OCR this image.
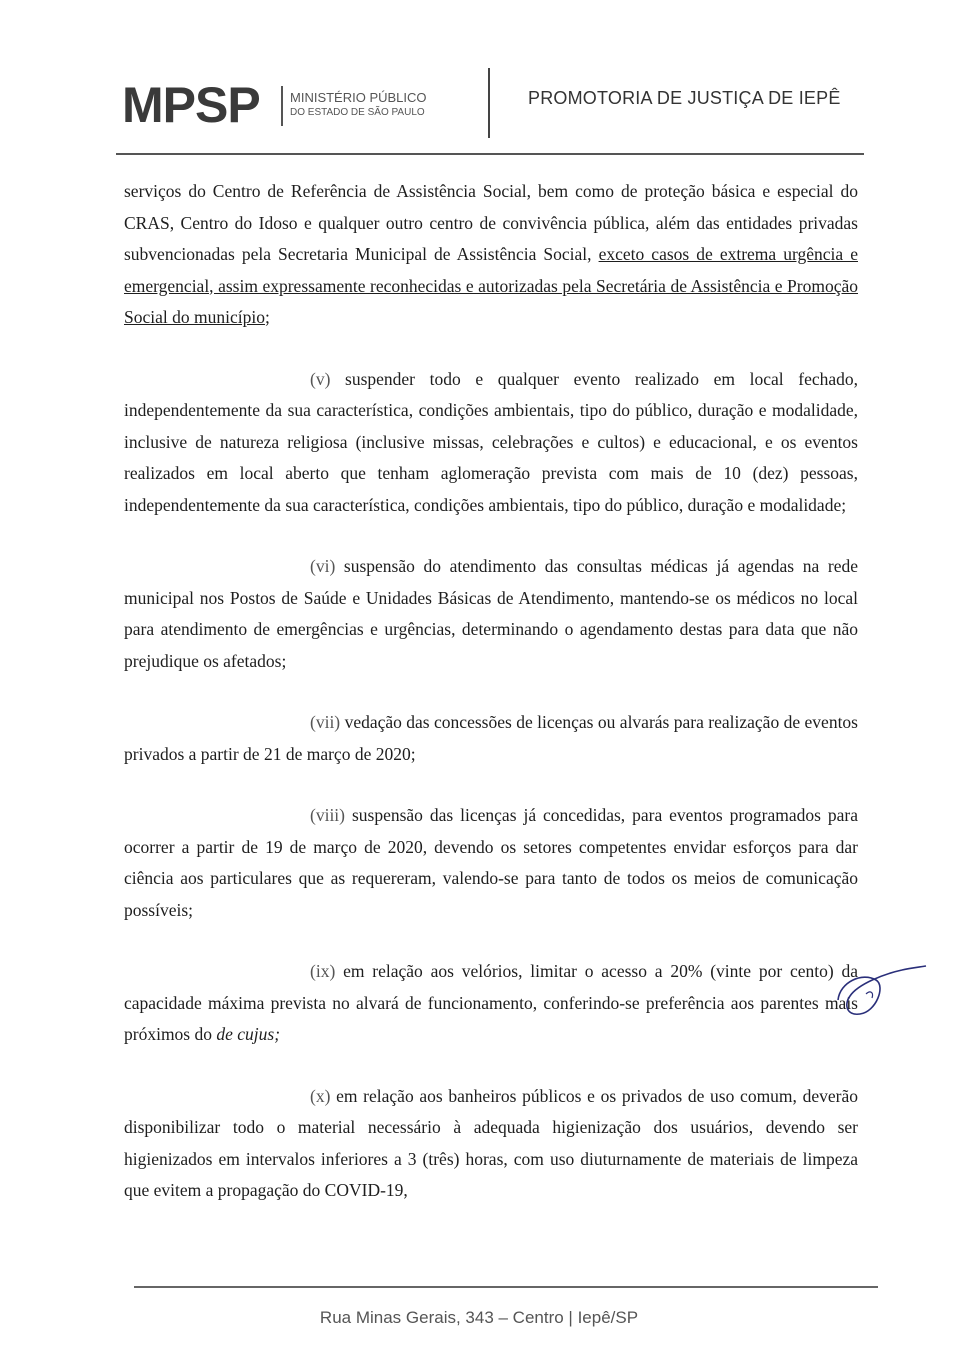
MPSP MINISTÉRIO PÚBLICO
DO ESTADO DE SÃO PAULO
PROMOTORIA DE JUSTIÇA DE IEPÊ

serviços do Centro de Referência de Assistência Social, bem como de proteção básica e especial do CRAS, Centro do Idoso e qualquer outro centro de convivência pública, além das entidades privadas subvencionadas pela Secretaria Municipal de Assistência Social, exceto casos de extrema urgência e emergencial, assim expressamente reconhecidas e autorizadas pela Secretária de Assistência e Promoção Social do município;

(v) suspender todo e qualquer evento realizado em local fechado, independentemente da sua característica, condições ambientais, tipo do público, duração e modalidade, inclusive de natureza religiosa (inclusive missas, celebrações e cultos) e educacional, e os eventos realizados em local aberto que tenham aglomeração prevista com mais de 10 (dez) pessoas, independentemente da sua característica, condições ambientais, tipo do público, duração e modalidade;

(vi) suspensão do atendimento das consultas médicas já agendas na rede municipal nos Postos de Saúde e Unidades Básicas de Atendimento, mantendo-se os médicos no local para atendimento de emergências e urgências, determinando o agendamento destas para data que não prejudique os afetados;

(vii) vedação das concessões de licenças ou alvarás para realização de eventos privados a partir de 21 de março de 2020;

(viii) suspensão das licenças já concedidas, para eventos programados para ocorrer a partir de 19 de março de 2020, devendo os setores competentes envidar esforços para dar ciência aos particulares que as requereram, valendo-se para tanto de todos os meios de comunicação possíveis;

(ix) em relação aos velórios, limitar o acesso a 20% (vinte por cento) da capacidade máxima prevista no alvará de funcionamento, conferindo-se preferência aos parentes mais próximos do de cujus;

(x) em relação aos banheiros públicos e os privados de uso comum, deverão disponibilizar todo o material necessário à adequada higienização dos usuários, devendo ser higienizados em intervalos inferiores a 3 (três) horas, com uso diuturnamente de materiais de limpeza que evitem a propagação do COVID-19,

Rua Minas Gerais, 343 – Centro | Iepê/SP
